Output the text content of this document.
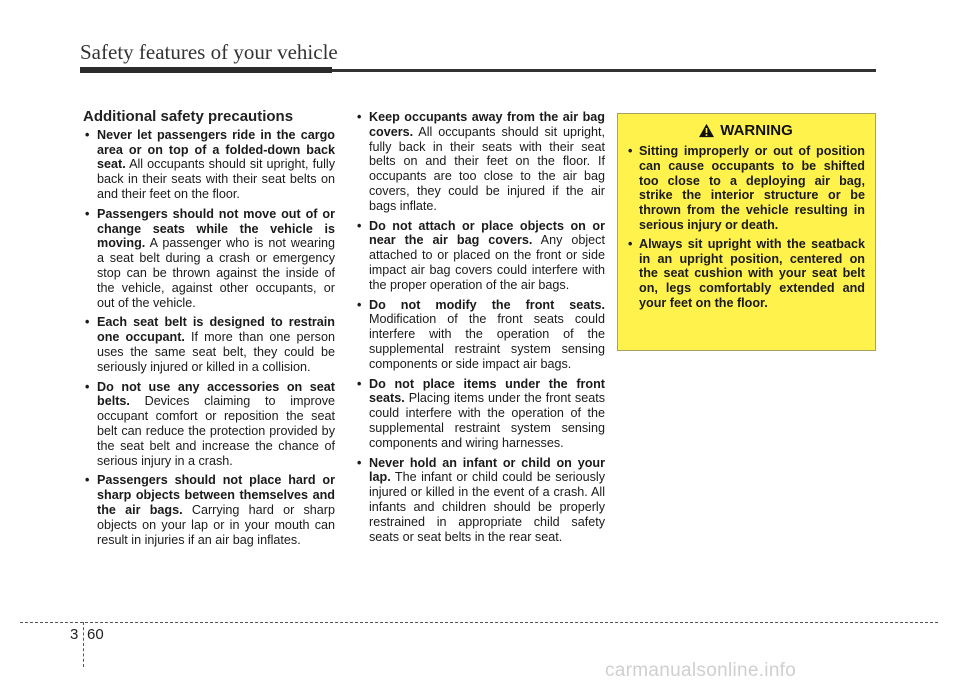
Safety features of your vehicle
Additional safety precautions
• Never let passengers ride in the cargo area or on top of a folded-down back seat. All occupants should sit upright, fully back in their seats with their seat belts on and their feet on the floor.
• Passengers should not move out of or change seats while the vehicle is moving. A passenger who is not wearing a seat belt during a crash or emergency stop can be thrown against the inside of the vehicle, against other occupants, or out of the vehicle.
• Each seat belt is designed to restrain one occupant. If more than one person uses the same seat belt, they could be seriously injured or killed in a collision.
• Do not use any accessories on seat belts. Devices claiming to improve occupant comfort or reposition the seat belt can reduce the protection provided by the seat belt and increase the chance of serious injury in a crash.
• Passengers should not place hard or sharp objects between themselves and the air bags. Carrying hard or sharp objects on your lap or in your mouth can result in injuries if an air bag inflates.
• Keep occupants away from the air bag covers. All occupants should sit upright, fully back in their seats with their seat belts on and their feet on the floor. If occupants are too close to the air bag covers, they could be injured if the air bags inflate.
• Do not attach or place objects on or near the air bag covers. Any object attached to or placed on the front or side impact air bag covers could interfere with the proper operation of the air bags.
• Do not modify the front seats. Modification of the front seats could interfere with the operation of the supplemental restraint system sensing components or side impact air bags.
• Do not place items under the front seats. Placing items under the front seats could interfere with the operation of the supplemental restraint system sensing components and wiring harnesses.
• Never hold an infant or child on your lap. The infant or child could be seriously injured or killed in the event of a crash. All infants and children should be properly restrained in appropriate child safety seats or seat belts in the rear seat.
WARNING
• Sitting improperly or out of position can cause occupants to be shifted too close to a deploying air bag, strike the interior structure or be thrown from the vehicle resulting in serious injury or death.
• Always sit upright with the seatback in an upright position, centered on the seat cushion with your seat belt on, legs comfortably extended and your feet on the floor.
3 60
carmanualsonline.info
